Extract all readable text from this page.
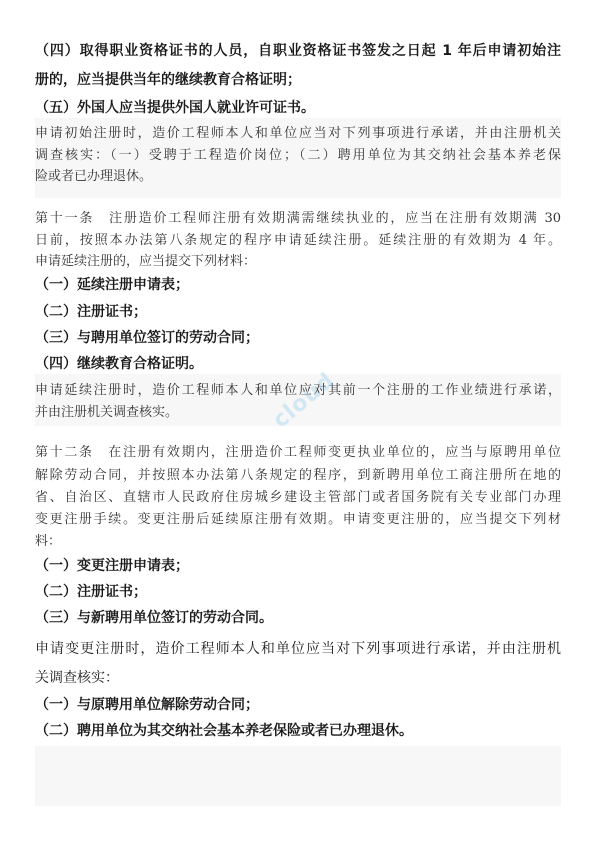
（四）取得职业资格证书的人员，自职业资格证书签发之日起 1 年后申请初始注
册的，应当提供当年的继续教育合格证明；
（五）外国人应当提供外国人就业许可证书。
申请初始注册时，造价工程师本人和单位应当对下列事项进行承诺，并由注册机关
调查核实：（一）受聘于工程造价岗位；（二）聘用单位为其交纳社会基本养老保
险或者已办理退休。
第十一条　注册造价工程师注册有效期满需继续执业的，应当在注册有效期满 30
日前，按照本办法第八条规定的程序申请延续注册。延续注册的有效期为 4 年。
申请延续注册的，应当提交下列材料：
（一）延续注册申请表；
（二）注册证书；
（三）与聘用单位签订的劳动合同；
（四）继续教育合格证明。
申请延续注册时，造价工程师本人和单位应对其前一个注册的工作业绩进行承诺，
并由注册机关调查核实。
第十二条　在注册有效期内，注册造价工程师变更执业单位的，应当与原聘用单位
解除劳动合同，并按照本办法第八条规定的程序，到新聘用单位工商注册所在地的
省、自治区、直辖市人民政府住房城乡建设主管部门或者国务院有关专业部门办理
变更注册手续。变更注册后延续原注册有效期。申请变更注册的，应当提交下列材
料：
（一）变更注册申请表；
（二）注册证书；
（三）与新聘用单位签订的劳动合同。
申请变更注册时，造价工程师本人和单位应当对下列事项进行承诺，并由注册机
关调查核实：
（一）与原聘用单位解除劳动合同；
（二）聘用单位为其交纳社会基本养老保险或者已办理退休。
cloud
